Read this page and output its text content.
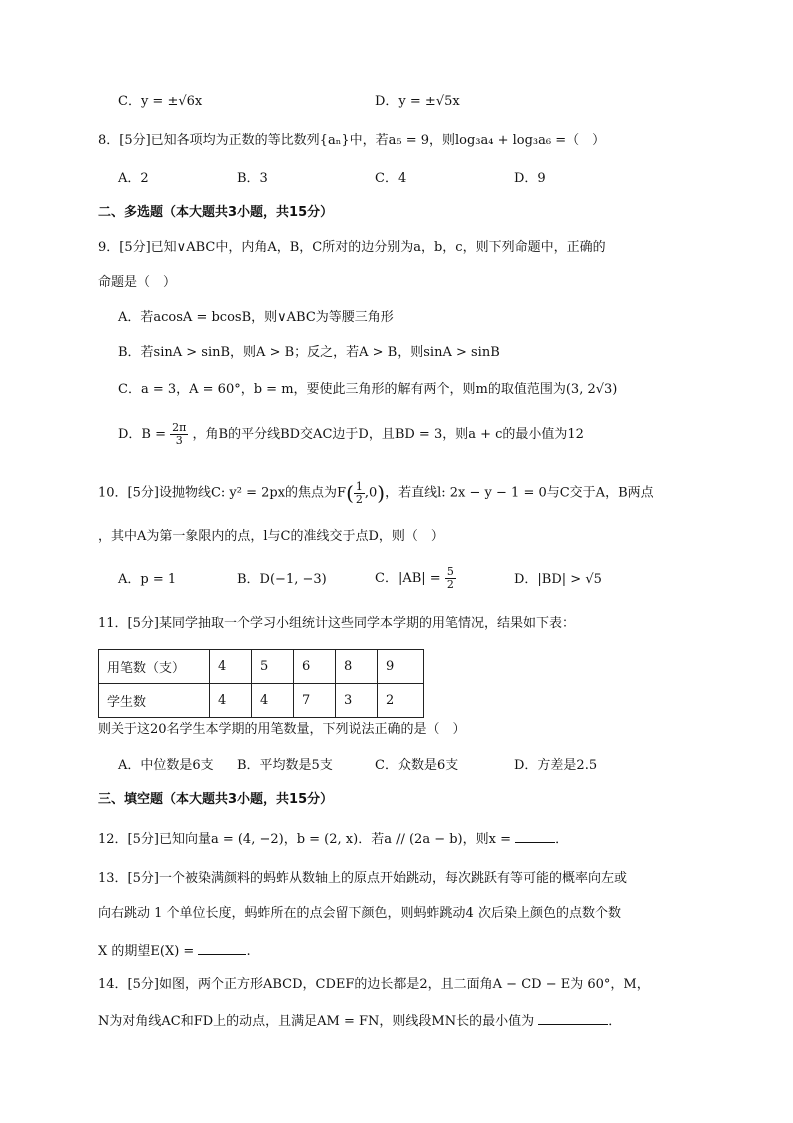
C．y = ±√6x	D．y = ±√5x
8．[5分]已知各项均为正数的等比数列{aₙ}中，若a₅ = 9，则log₃a₄ + log₃a₆ =（　）
A．2	B．3	C．4	D．9
二、多选题（本大题共3小题，共15分）
9．[5分]已知∨ABC中，内角A，B，C所对的边分别为a，b，c，则下列命题中，正确的
命题是（　）
A．若acosA = bcosB，则∨ABC为等腰三角形
B．若sinA > sinB，则A > B；反之，若A > B，则sinA > sinB
C．a = 3，A = 60°，b = m，要使此三角形的解有两个，则m的取值范围为(3, 2√3)
D．$B = \frac{2\pi}{3}$ ，角B的平分线BD交AC边于D，且BD = 3，则a + c的最小值为12
10．[5分]设抛物线C: y² = 2px的焦点为$F( \frac{1}{2} ,0)$，若直线l: 2x − y − 1 = 0与C交于A，B两点
，其中A为第一象限内的点，l与C的准线交于点D，则（　）
A．p = 1	B．D(−1, −3)	C．$|AB| = \frac{5}{2}$	D．|BD| > √5
11．[5分]某同学抽取一个学习小组统计这些同学本学期的用笔情况，结果如下表：
用笔数（支）	4	5	6	8	9
学生数	4	4	7	3	2
则关于这20名学生本学期的用笔数量，下列说法正确的是（　）
A．中位数是6支 B．平均数是5支	C．众数是6支	D．方差是2.5
三、填空题（本大题共3小题，共15分）
12．[5分]已知向量a = (4, −2)，b = (2, x)．若a // (2a − b)，则x =	．
13．[5分]一个被染满颜料的蚂蚱从数轴上的原点开始跳动，每次跳跃有等可能的概率向左或
向右跳动 1 个单位长度，蚂蚱所在的点会留下颜色，则蚂蚱跳动4 次后染上颜色的点数个数
X 的期望E(X) =	.
14．[5分]如图，两个正方形ABCD，CDEF的边长都是2，且二面角A − CD − E为 60°，M，
N为对角线AC和FD上的动点，且满足AM = FN，则线段MN长的最小值为	．
